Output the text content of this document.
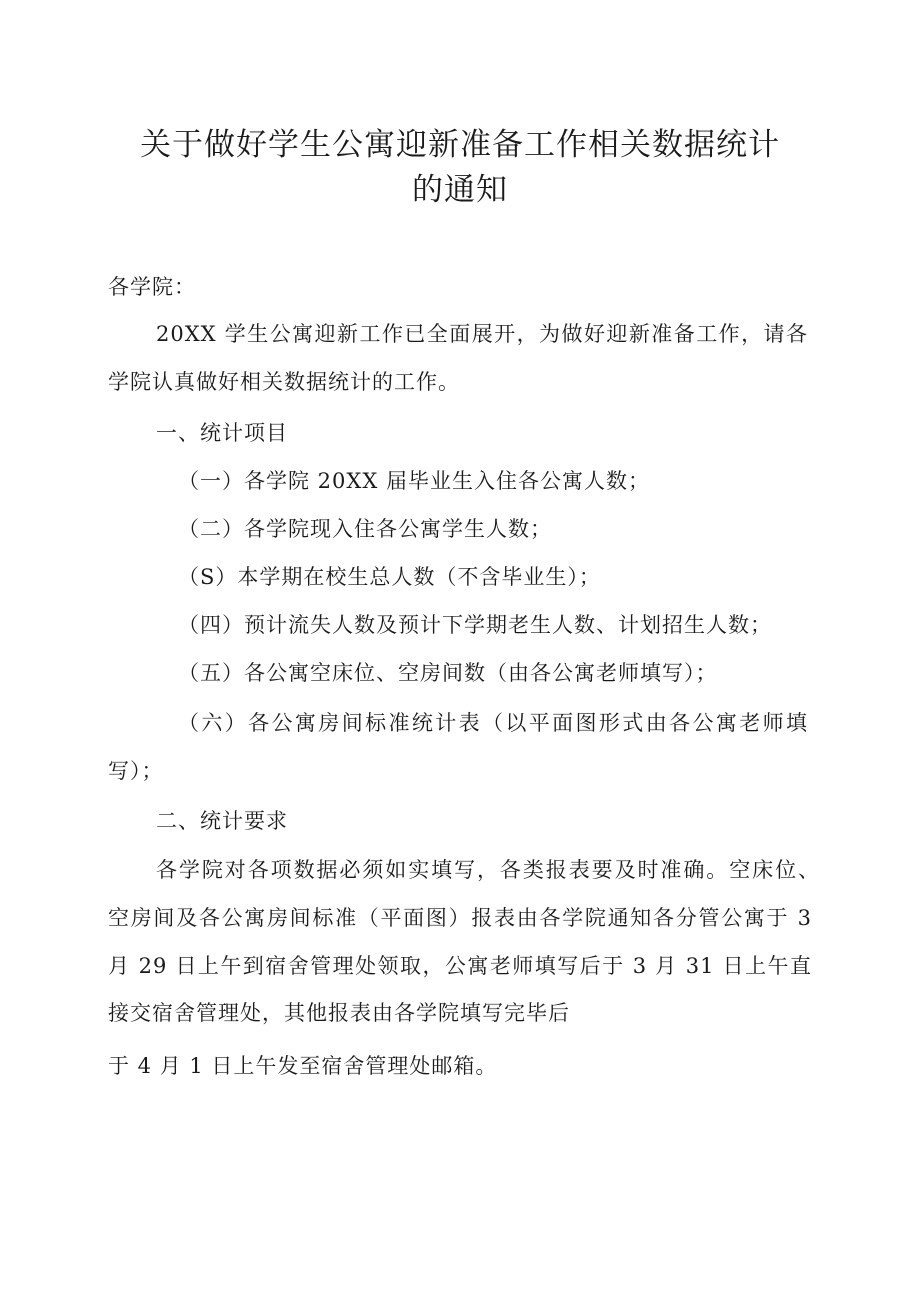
关于做好学生公寓迎新准备工作相关数据统计
的通知

各学院：

20XX 学生公寓迎新工作已全面展开，为做好迎新准备工作，请各

学院认真做好相关数据统计的工作。

一、统计项目

（一）各学院 20XX 届毕业生入住各公寓人数；

（二）各学院现入住各公寓学生人数；

（S）本学期在校生总人数（不含毕业生）；

（四）预计流失人数及预计下学期老生人数、计划招生人数；

（五）各公寓空床位、空房间数（由各公寓老师填写）；

（六）各公寓房间标准统计表（以平面图形式由各公寓老师填

写）；

二、统计要求

各学院对各项数据必须如实填写，各类报表要及时准确。空床位、

空房间及各公寓房间标准（平面图）报表由各学院通知各分管公寓于 3

月 29 日上午到宿舍管理处领取，公寓老师填写后于 3 月 31 日上午直

接交宿舍管理处，其他报表由各学院填写完毕后

于 4 月 1 日上午发至宿舍管理处邮箱。
